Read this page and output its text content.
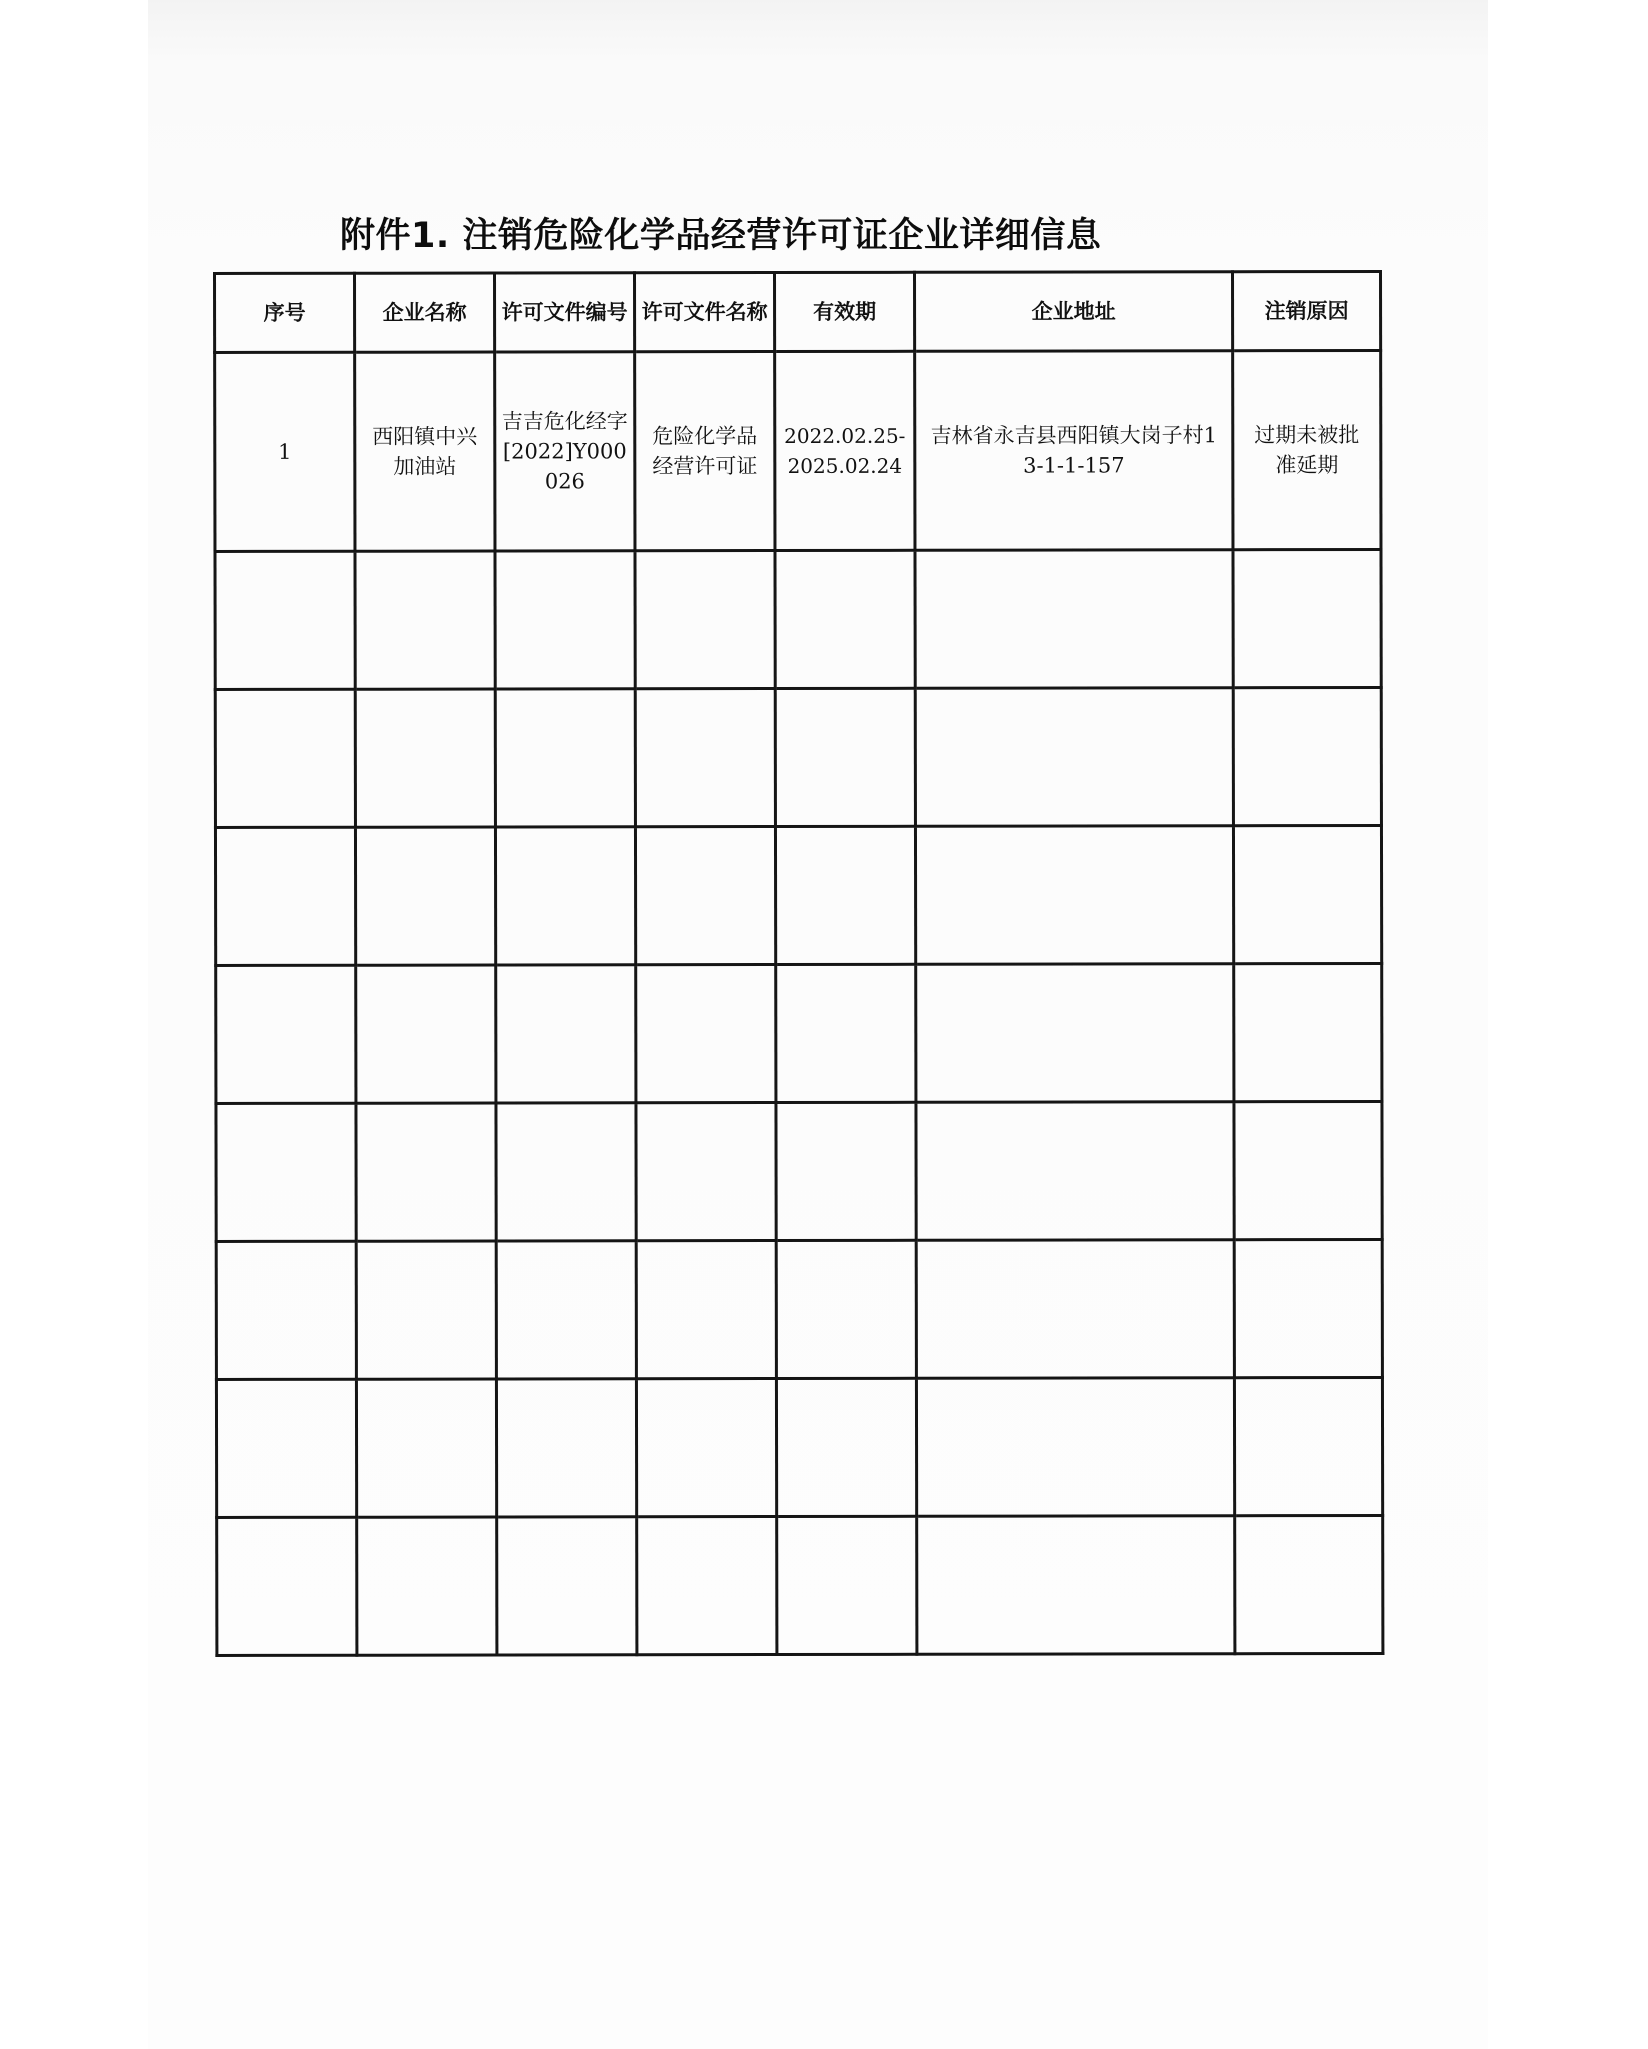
附件1. 注销危险化学品经营许可证企业详细信息
序号	企业名称	许可文件编号	许可文件名称	有效期	企业地址	注销原因
1	西阳镇中兴加油站	吉吉危化经字[2022]Y000026	危险化学品经营许可证	2022.02.25-2025.02.24	吉林省永吉县西阳镇大岗子村13-1-1-157	过期未被批准延期
